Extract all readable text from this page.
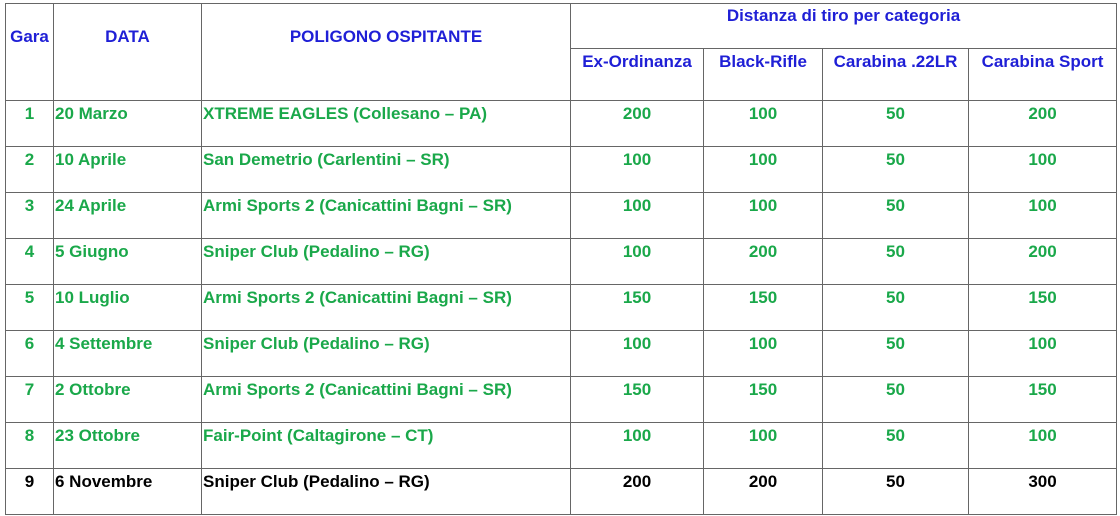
Gara	DATA	POLIGONO OSPITANTE	Distanza di tiro per categoria			
			Ex-Ordinanza	Black-Rifle	Carabina .22LR	Carabina Sport
1	20 Marzo	XTREME EAGLES (Collesano – PA)	200	100	50	200
2	10 Aprile	San Demetrio (Carlentini – SR)	100	100	50	100
3	24 Aprile	Armi Sports 2 (Canicattini Bagni – SR)	100	100	50	100
4	5 Giugno	Sniper Club (Pedalino – RG)	100	200	50	200
5	10 Luglio	Armi Sports 2 (Canicattini Bagni – SR)	150	150	50	150
6	4 Settembre	Sniper Club (Pedalino – RG)	100	100	50	100
7	2 Ottobre	Armi Sports 2 (Canicattini Bagni – SR)	150	150	50	150
8	23 Ottobre	Fair-Point (Caltagirone – CT)	100	100	50	100
9	6 Novembre	Sniper Club (Pedalino – RG)	200	200	50	300
